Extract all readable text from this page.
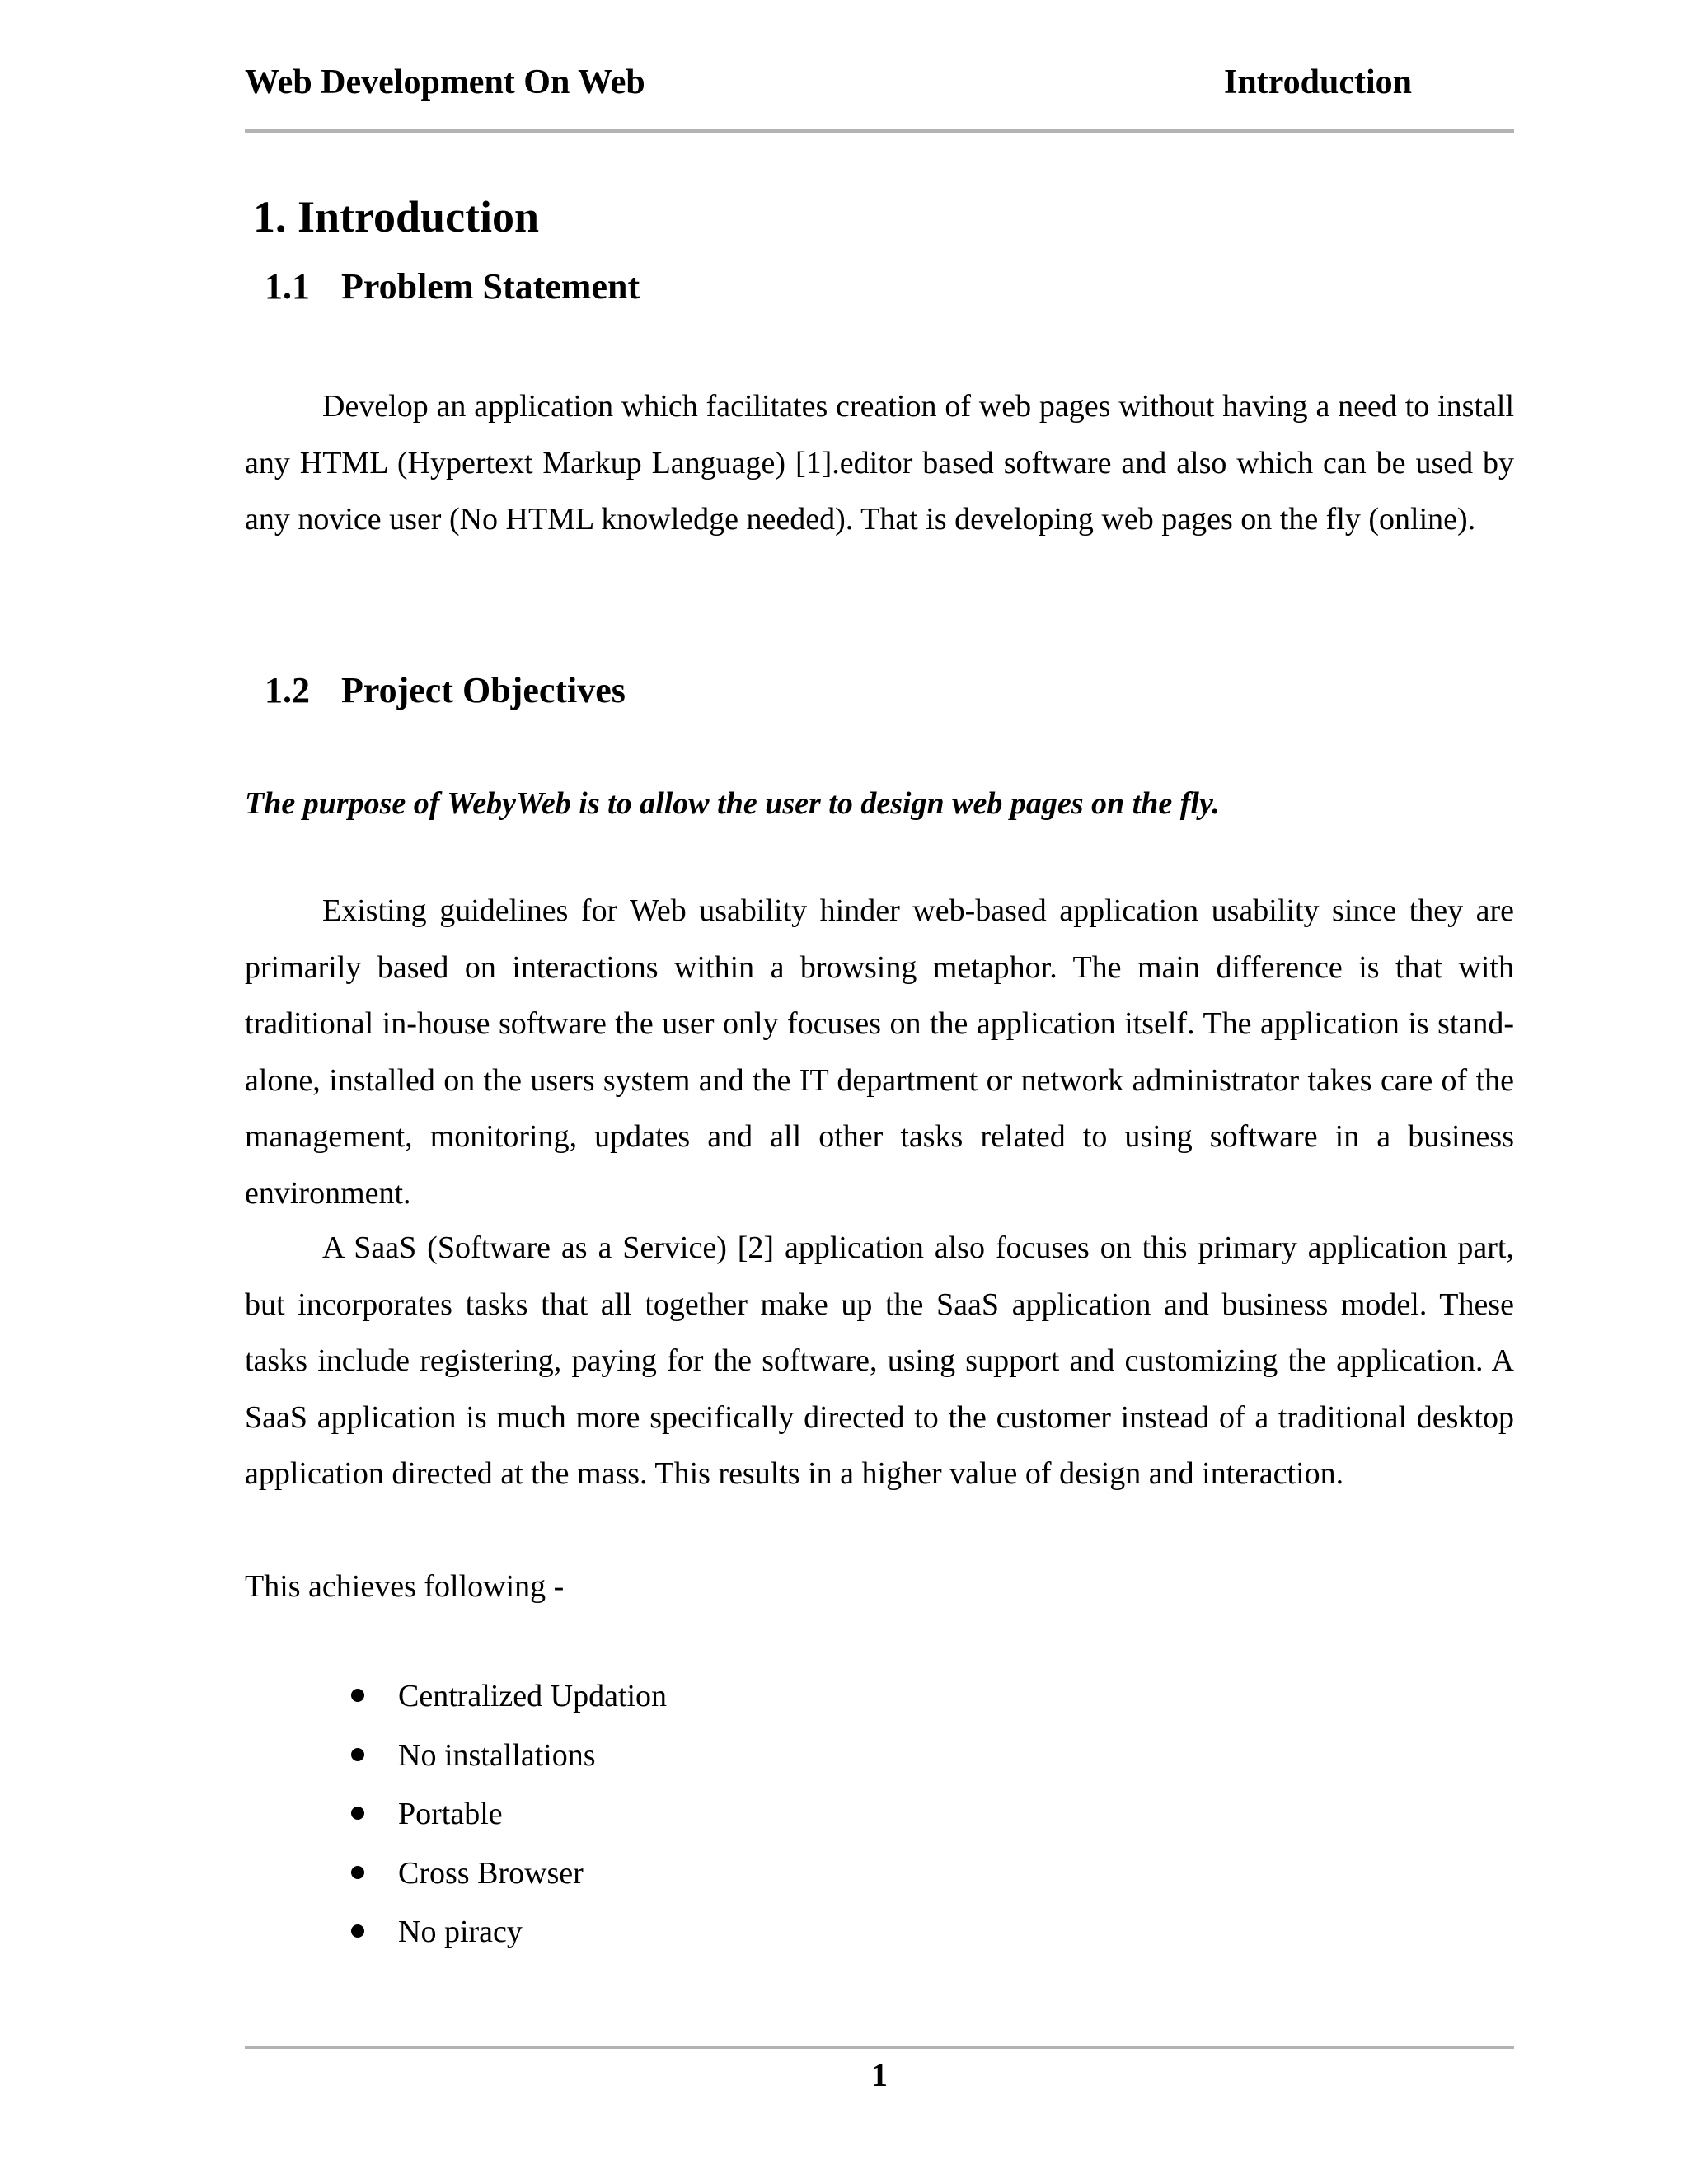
Web Development On Web	Introduction
1. Introduction
1.1 Problem Statement

Develop an application which facilitates creation of web pages without having a need to install any HTML (Hypertext Markup Language) [1].editor based software and also which can be used by any novice user (No HTML knowledge needed). That is developing web pages on the fly (online).

1.2 Project Objectives
The purpose of WebyWeb is to allow the user to design web pages on the fly.

Existing guidelines for Web usability hinder web-based application usability since they are primarily based on interactions within a browsing metaphor. The main difference is that with traditional in-house software the user only focuses on the application itself. The application is stand-alone, installed on the users system and the IT department or network administrator takes care of the management, monitoring, updates and all other tasks related to using software in a business environment.

A SaaS (Software as a Service) [2] application also focuses on this primary application part, but incorporates tasks that all together make up the SaaS application and business model. These tasks include registering, paying for the software, using support and customizing the application. A SaaS application is much more specifically directed to the customer instead of a traditional desktop application directed at the mass. This results in a higher value of design and interaction.

This achieves following -

Centralized Updation
No installations
Portable
Cross Browser
No piracy
1
